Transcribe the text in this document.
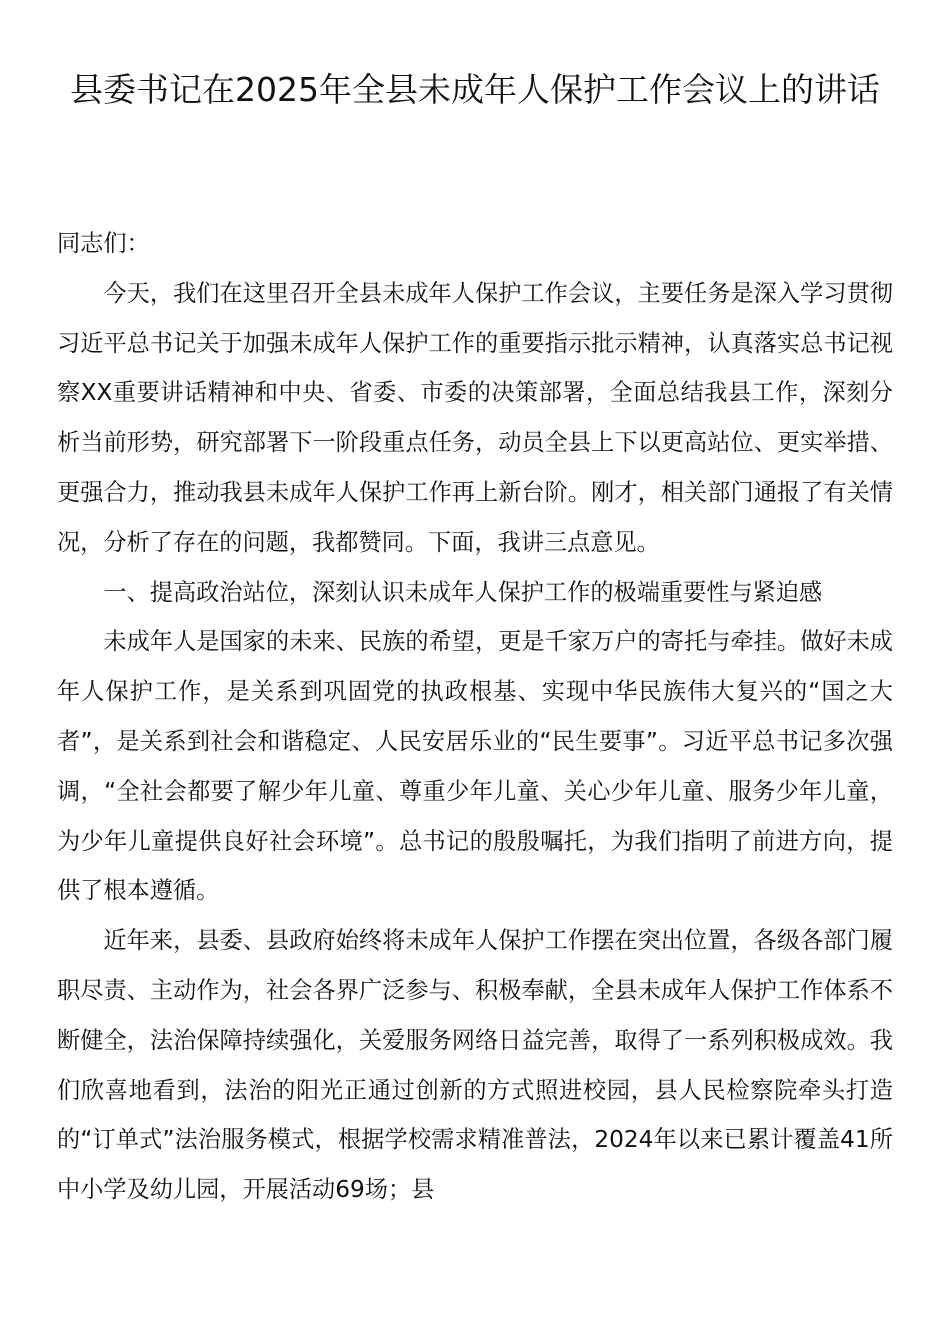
县委书记在2025年全县未成年人保护工作会议上的讲话

同志们：

今天，我们在这里召开全县未成年人保护工作会议，主要任务是深入学习贯彻习近平总书记关于加强未成年人保护工作的重要指示批示精神，认真落实总书记视察XX重要讲话精神和中央、省委、市委的决策部署，全面总结我县工作，深刻分析当前形势，研究部署下一阶段重点任务，动员全县上下以更高站位、更实举措、更强合力，推动我县未成年人保护工作再上新台阶。刚才，相关部门通报了有关情况，分析了存在的问题，我都赞同。下面，我讲三点意见。

一、提高政治站位，深刻认识未成年人保护工作的极端重要性与紧迫感

未成年人是国家的未来、民族的希望，更是千家万户的寄托与牵挂。做好未成年人保护工作，是关系到巩固党的执政根基、实现中华民族伟大复兴的“国之大者”，是关系到社会和谐稳定、人民安居乐业的“民生要事”。习近平总书记多次强调，“全社会都要了解少年儿童、尊重少年儿童、关心少年儿童、服务少年儿童，为少年儿童提供良好社会环境”。总书记的殷殷嘱托，为我们指明了前进方向，提供了根本遵循。

近年来，县委、县政府始终将未成年人保护工作摆在突出位置，各级各部门履职尽责、主动作为，社会各界广泛参与、积极奉献，全县未成年人保护工作体系不断健全，法治保障持续强化，关爱服务网络日益完善，取得了一系列积极成效。我们欣喜地看到，法治的阳光正通过创新的方式照进校园，县人民检察院牵头打造的“订单式”法治服务模式，根据学校需求精准普法，2024年以来已累计覆盖41所中小学及幼儿园，开展活动69场；县
